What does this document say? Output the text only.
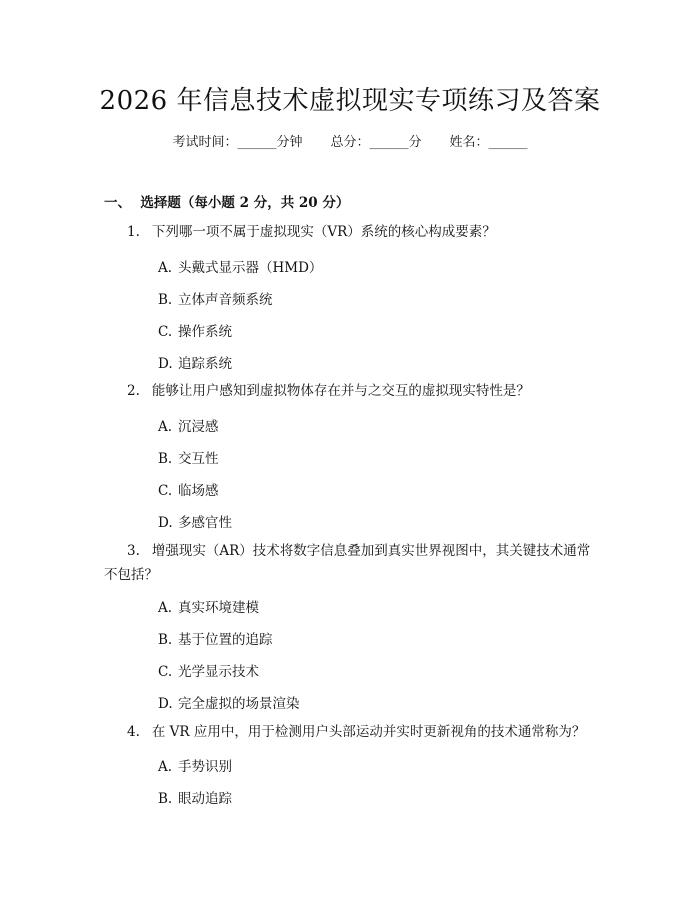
2026 年信息技术虚拟现实专项练习及答案
考试时间：______分钟 总分：______分 姓名：______
一、  选择题（每小题 2 分，共 20 分）
1. 下列哪一项不属于虚拟现实（VR）系统的核心构成要素？
A. 头戴式显示器（HMD）
B. 立体声音频系统
C. 操作系统
D. 追踪系统
2. 能够让用户感知到虚拟物体存在并与之交互的虚拟现实特性是？
A. 沉浸感
B. 交互性
C. 临场感
D. 多感官性
3. 增强现实（AR）技术将数字信息叠加到真实世界视图中，其关键技术通常不包括？
A. 真实环境建模
B. 基于位置的追踪
C. 光学显示技术
D. 完全虚拟的场景渲染
4. 在 VR 应用中，用于检测用户头部运动并实时更新视角的技术通常称为？
A. 手势识别
B. 眼动追踪
